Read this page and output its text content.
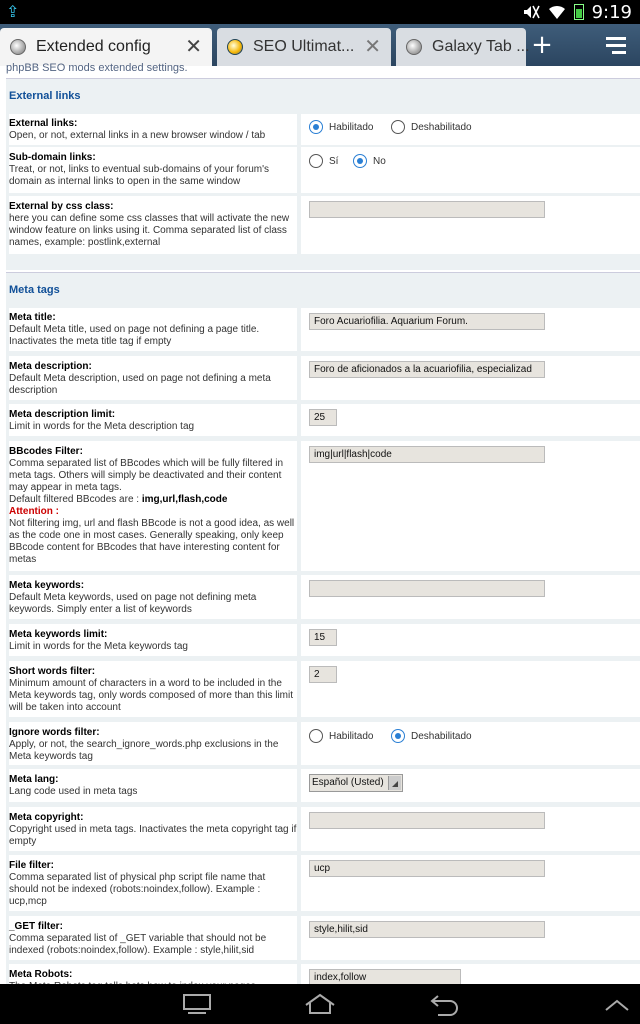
⇪	9:19
Extended config ✕	SEO Ultimat... ✕	Galaxy Tab ... +
phpBB SEO mods extended settings.
External links
External links:
Open, or not, external links in a new browser window / tab
Habilitado	Deshabilitado
Sub-domain links:
Treat, or not, links to eventual sub-domains of your forum's domain as internal links to open in the same window
Sí	No
External by css class:
here you can define some css classes that will activate the new window feature on links using it. Comma separated list of class names, example: postlink,external
Meta tags
Meta title:
Default Meta title, used on page not defining a page title. Inactivates the meta title tag if empty
Foro Acuariofilia. Aquarium Forum.
Meta description:
Default Meta description, used on page not defining a meta description
Foro de aficionados a la acuariofilia, especializad
Meta description limit:
Limit in words for the Meta description tag
25
BBcodes Filter:
Comma separated list of BBcodes which will be fully filtered in meta tags. Others will simply be deactivated and their content may appear in meta tags.
Default filtered BBcodes are : img,url,flash,code
Attention :
Not filtering img, url and flash BBcode is not a good idea, as well as the code one in most cases. Generally speaking, only keep BBcode content for BBcodes that have interesting content for metas
img|url|flash|code
Meta keywords:
Default Meta keywords, used on page not defining meta keywords. Simply enter a list of keywords
Meta keywords limit:
Limit in words for the Meta keywords tag
15
Short words filter:
Minimum amount of characters in a word to be included in the Meta keywords tag, only words composed of more than this limit will be taken into account
2
Ignore words filter:
Apply, or not, the search_ignore_words.php exclusions in the Meta keywords tag
Habilitado	Deshabilitado
Meta lang:
Lang code used in meta tags
Español (Usted)
Meta copyright:
Copyright used in meta tags. Inactivates the meta copyright tag if empty
File filter:
Comma separated list of physical php script file name that should not be indexed (robots:noindex,follow). Example : ucp,mcp
ucp
_GET filter:
Comma separated list of _GET variable that should not be indexed (robots:noindex,follow). Example : style,hilit,sid
style,hilit,sid
Meta Robots:	index,follow
